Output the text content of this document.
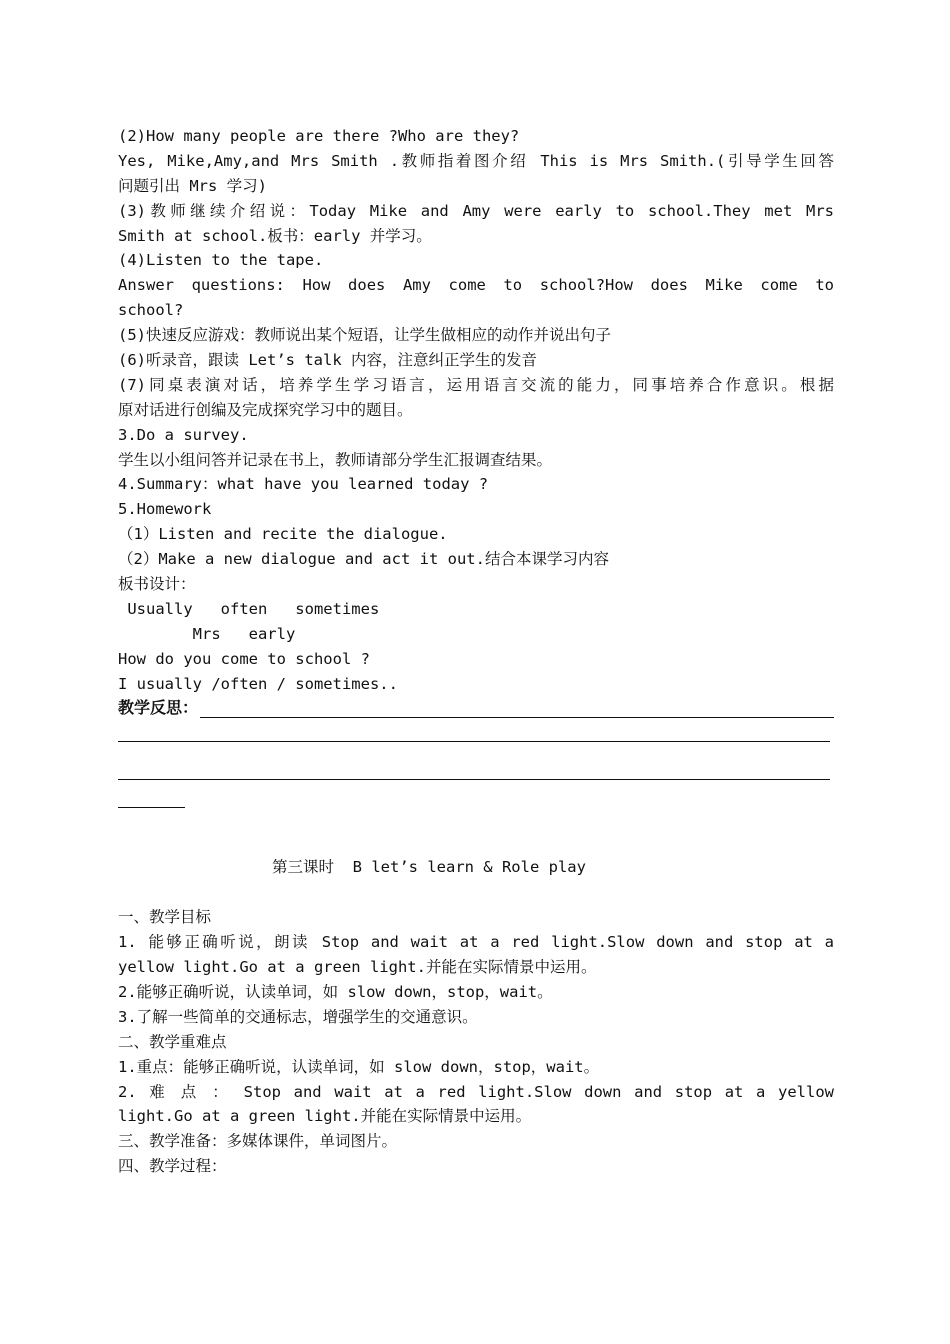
(2)How many people are there ?Who are they?
Yes, Mike,Amy,and Mrs Smith .教师指着图介绍 This is Mrs Smith.(引导学生回答
问题引出 Mrs 学习)
(3)教师继续介绍说：Today Mike and Amy were early to school.They met Mrs
Smith at school.板书：early 并学习。
(4)Listen to the tape.
Answer questions: How does Amy come to school?How does Mike come to
school?
(5)快速反应游戏：教师说出某个短语，让学生做相应的动作并说出句子
(6)听录音，跟读 Let’s talk 内容，注意纠正学生的发音
(7)同桌表演对话，培养学生学习语言，运用语言交流的能力，同事培养合作意识。根据
原对话进行创编及完成探究学习中的题目。
3.Do a survey.
学生以小组问答并记录在书上，教师请部分学生汇报调查结果。
4.Summary：what have you learned today ?
5.Homework
（1）Listen and recite the dialogue.
（2）Make a new dialogue and act it out.结合本课学习内容
板书设计：
Usually   often   sometimes
Mrs   early
How do you come to school ?
I usually /often / sometimes..
教学反思：
第三课时  B let’s learn & Role play
一、教学目标
1. 能够正确听说，朗读 Stop and wait at a red light.Slow down and stop at a
yellow light.Go at a green light.并能在实际情景中运用。
2.能够正确听说，认读单词，如 slow down，stop，wait。
3.了解一些简单的交通标志，增强学生的交通意识。
二、教学重难点
1.重点：能够正确听说，认读单词，如 slow down，stop，wait。
2. 难 点 ： Stop and wait at a red light.Slow down and stop at a yellow
light.Go at a green light.并能在实际情景中运用。
三、教学准备：多媒体课件，单词图片。
四、教学过程：
